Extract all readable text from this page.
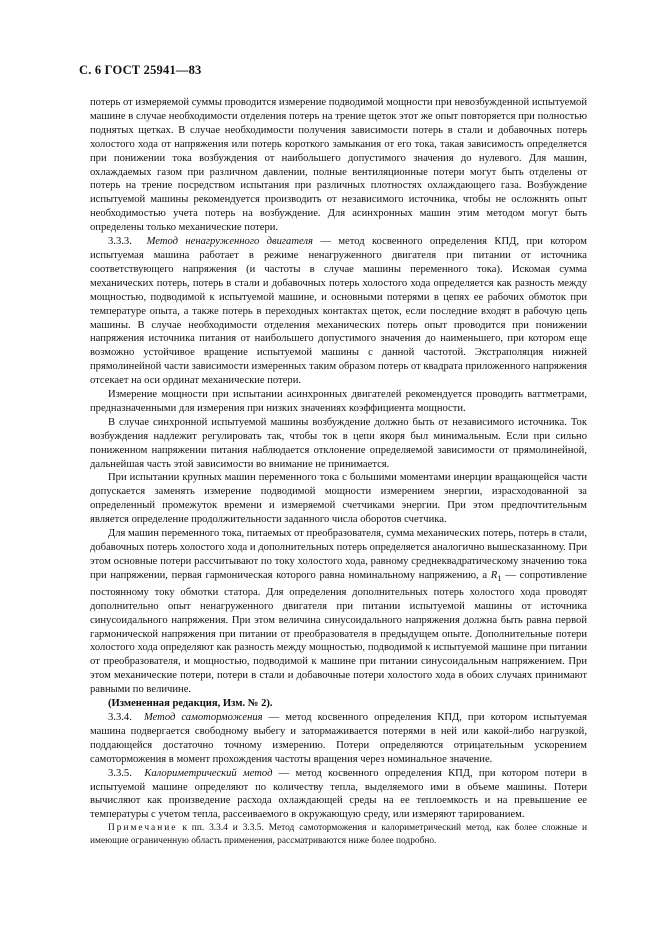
С. 6 ГОСТ 25941—83

потерь от измеряемой суммы проводится измерение подводимой мощности при невозбужденной испытуемой машине в случае необходимости отделения потерь на трение щеток этот же опыт повторяется при полностью поднятых щетках. В случае необходимости получения зависимости потерь в стали и добавочных потерь холостого хода от напряжения или потерь короткого замыкания от его тока, такая зависимость определяется при понижении тока возбуждения от наибольшего допустимого значения до нулевого. Для машин, охлаждаемых газом при различном давлении, полные вентиляционные потери могут быть отделены от потерь на трение посредством испытания при различных плотностях охлаждающего газа. Возбуждение испытуемой машины рекомендуется производить от независимого источника, чтобы не осложнять опыт необходимостью учета потерь на возбуждение. Для асинхронных машин этим методом могут быть определены только механические потери.

3.3.3. Метод ненагруженного двигателя — метод косвенного определения КПД, при котором испытуемая машина работает в режиме ненагруженного двигателя при питании от источника соответствующего напряжения (и частоты в случае машины переменного тока). Искомая сумма механических потерь, потерь в стали и добавочных потерь холостого хода определяется как разность между мощностью, подводимой к испытуемой машине, и основными потерями в цепях ее рабочих обмоток при температуре опыта, а также потерь в переходных контактах щеток, если последние входят в рабочую цепь машины. В случае необходимости отделения механических потерь опыт проводится при понижении напряжения источника питания от наибольшего допустимого значения до наименьшего, при котором еще возможно устойчивое вращение испытуемой машины с данной частотой. Экстраполяция нижней прямолинейной части зависимости измеренных таким образом потерь от квадрата приложенного напряжения отсекает на оси ординат механические потери.

Измерение мощности при испытании асинхронных двигателей рекомендуется проводить ваттметрами, предназначенными для измерения при низких значениях коэффициента мощности.

В случае синхронной испытуемой машины возбуждение должно быть от независимого источника. Ток возбуждения надлежит регулировать так, чтобы ток в цепи якоря был минимальным. Если при сильно пониженном напряжении питания наблюдается отклонение определяемой зависимости от прямолинейной, дальнейшая часть этой зависимости во внимание не принимается.

При испытании крупных машин переменного тока с большими моментами инерции вращающейся части допускается заменять измерение подводимой мощности измерением энергии, израсходованной за определенный промежуток времени и измеряемой счетчиками энергии. При этом предпочтительным является определение продолжительности заданного числа оборотов счетчика.

Для машин переменного тока, питаемых от преобразователя, сумма механических потерь, потерь в стали, добавочных потерь холостого хода и дополнительных потерь определяется аналогично вышесказанному. При этом основные потери рассчитывают по току холостого хода, равному среднеквадратическому значению тока при напряжении, первая гармоническая которого равна номинальному напряжению, а $R_1$ — сопротивление постоянному току обмотки статора. Для определения дополнительных потерь холостого хода проводят дополнительно опыт ненагруженного двигателя при питании испытуемой машины от источника синусоидального напряжения. При этом величина синусоидального напряжения должна быть равна первой гармонической напряжения при питании от преобразователя в предыдущем опыте. Дополнительные потери холостого хода определяют как разность между мощностью, подводимой к испытуемой машине при питании от преобразователя, и мощностью, подводимой к машине при питании синусоидальным напряжением. При этом механические потери, потери в стали и добавочные потери холостого хода в обоих случаях принимают равными по величине.

(Измененная редакция, Изм. № 2).

3.3.4. Метод самоторможения — метод косвенного определения КПД, при котором испытуемая машина подвергается свободному выбегу и затормаживается потерями в ней или какой-либо нагрузкой, поддающейся достаточно точному измерению. Потери определяются отрицательным ускорением самоторможения в момент прохождения частоты вращения через номинальное значение.

3.3.5. Калориметрический метод — метод косвенного определения КПД, при котором потери в испытуемой машине определяют по количеству тепла, выделяемого ими в объеме машины. Потери вычисляют как произведение расхода охлаждающей среды на ее теплоемкость и на превышение ее температуры с учетом тепла, рассеиваемого в окружающую среду, или измеряют тарированием.

Примечание к пп. 3.3.4 и 3.3.5. Метод самоторможения и калориметрический метод, как более сложные и имеющие ограниченную область применения, рассматриваются ниже более подробно.
